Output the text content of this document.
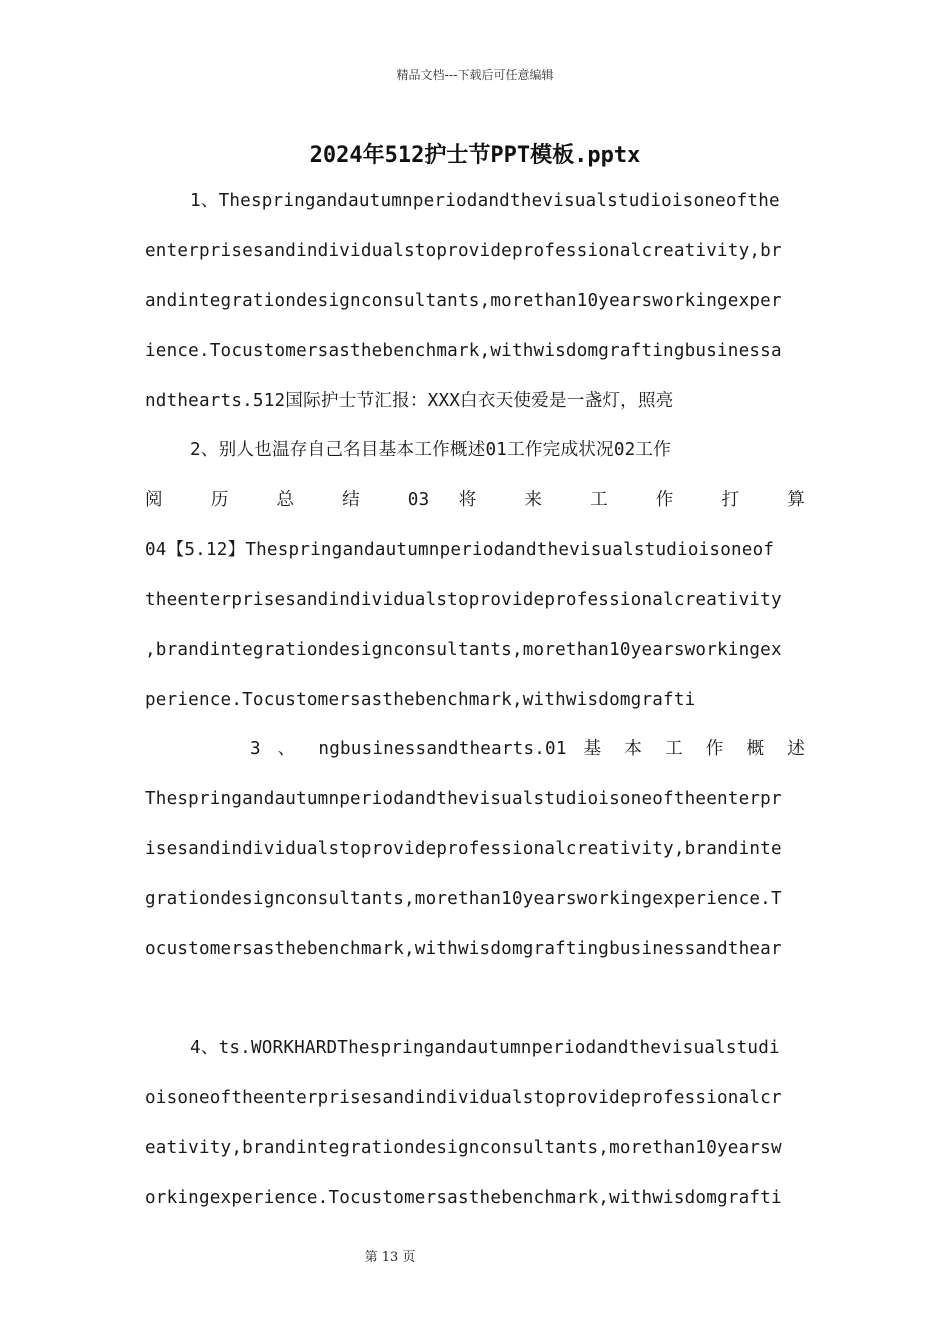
精品文档---下载后可任意编辑
2024年512护士节PPT模板.pptx
1、Thespringandautumnperiodandthevisualstudioisoneofthe
enterprisesandindividualstoprovideprofessionalcreativity,br
andintegrationdesignconsultants,morethan10yearsworkingexper
ience.Tocustomersasthebenchmark,withwisdomgraftingbusinessa
ndthearts.512国际护士节汇报：XXX白衣天使爱是一盏灯，照亮
2、别人也温存自己名目基本工作概述01工作完成状况02工作
阅 历 总 结 03 将 来 工 作 打 算
04【5.12】Thespringandautumnperiodandthevisualstudioisoneof
theenterprisesandindividualstoprovideprofessionalcreativity
,brandintegrationdesignconsultants,morethan10yearsworkingex
perience.Tocustomersasthebenchmark,withwisdomgrafti
3 、 ngbusinessandthearts.01 基 本 工 作 概 述
Thespringandautumnperiodandthevisualstudioisoneoftheenterpr
isesandindividualstoprovideprofessionalcreativity,brandinte
grationdesignconsultants,morethan10yearsworkingexperience.T
ocustomersasthebenchmark,withwisdomgraftingbusinessandthear
4、ts.WORKHARDThespringandautumnperiodandthevisualstudi
oisoneoftheenterprisesandindividualstoprovideprofessionalcr
eativity,brandintegrationdesignconsultants,morethan10yearsw
orkingexperience.Tocustomersasthebenchmark,withwisdomgrafti
第 13 页
